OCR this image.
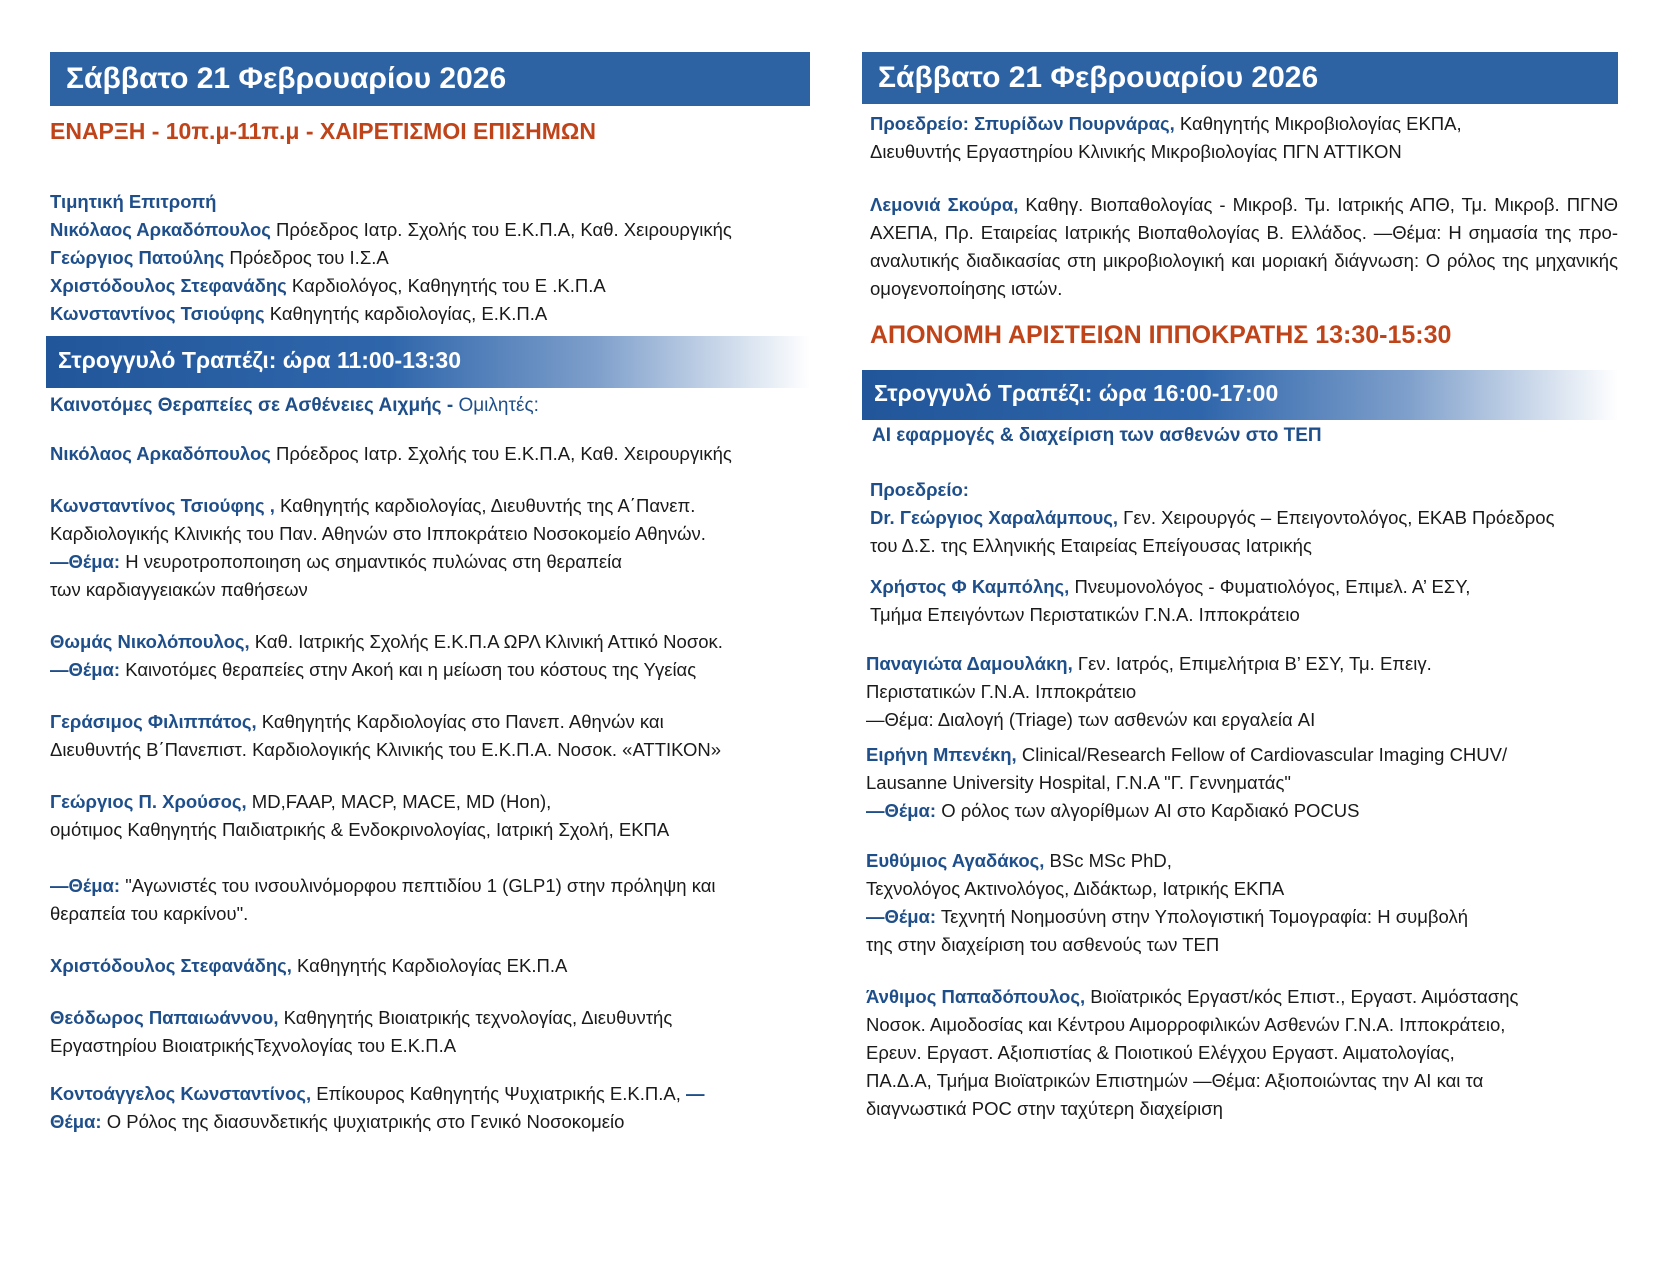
Σάββατο 21 Φεβρουαρίου 2026
ΕΝΑΡΞΗ - 10π.μ-11π.μ - ΧΑΙΡΕΤΙΣΜΟΙ ΕΠΙΣΗΜΩΝ
Τιμητική Επιτροπή
Νικόλαος Αρκαδόπουλος Πρόεδρος Ιατρ. Σχολής του Ε.Κ.Π.Α, Καθ. Χειρουργικής
Γεώργιος Πατούλης Πρόεδρος του Ι.Σ.Α
Χριστόδουλος Στεφανάδης Καρδιολόγος, Καθηγητής του Ε .Κ.Π.Α
Κωνσταντίνος Τσιούφης Καθηγητής καρδιολογίας, Ε.Κ.Π.Α
Στρογγυλό Τραπέζι: ώρα 11:00-13:30
Καινοτόμες Θεραπείες σε Ασθένειες Αιχμής - Ομιλητές:
Νικόλαος Αρκαδόπουλος Πρόεδρος Ιατρ. Σχολής του Ε.Κ.Π.Α, Καθ. Χειρουργικής
Κωνσταντίνος Τσιούφης , Καθηγητής καρδιολογίας, Διευθυντής της Α΄Πανεπ.
Καρδιολογικής Κλινικής του Παν. Αθηνών στο Ιπποκράτειο Νοσοκομείο Αθηνών.
—Θέμα: Η νευροτροποποιηση ως σημαντικός πυλώνας στη θεραπεία
των καρδιαγγειακών παθήσεων
Θωμάς Νικολόπουλος, Καθ. Ιατρικής Σχολής Ε.Κ.Π.Α ΩΡΛ Κλινική Αττικό Νοσοκ.
—Θέμα: Καινοτόμες θεραπείες στην Ακοή και η μείωση του κόστους της Υγείας
Γεράσιμος Φιλιππάτος, Καθηγητής Καρδιολογίας στο Πανεπ. Αθηνών και
Διευθυντής Β΄Πανεπιστ. Καρδιολογικής Κλινικής του Ε.Κ.Π.Α. Νοσοκ. «ΑΤΤΙΚΟΝ»
Γεώργιος Π. Χρούσος, MD,FAAP, MACP, MACE, MD (Hon),
ομότιμος Καθηγητής Παιδιατρικής & Ενδοκρινολογίας, Ιατρική Σχολή, ΕΚΠΑ
—Θέμα: "Αγωνιστές του ινσουλινόμορφου πεπτιδίου 1 (GLP1) στην πρόληψη και
θεραπεία του καρκίνου".
Χριστόδουλος Στεφανάδης, Καθηγητής Καρδιολογίας ΕΚ.Π.Α
Θεόδωρος Παπαιωάννου, Καθηγητής Βιοιατρικής τεχνολογίας, Διευθυντής
Εργαστηρίου ΒιοιατρικήςΤεχνολογίας του Ε.Κ.Π.Α
Κοντοάγγελος Κωνσταντίνος, Επίκουρος Καθηγητής Ψυχιατρικής Ε.Κ.Π.Α, —
Θέμα: Ο Ρόλος της διασυνδετικής ψυχιατρικής στο Γενικό Νοσοκομείο
Σάββατο 21 Φεβρουαρίου 2026
Προεδρείο: Σπυρίδων Πουρνάρας, Καθηγητής Μικροβιολογίας ΕΚΠΑ,
Διευθυντής Εργαστηρίου Κλινικής Μικροβιολογίας ΠΓΝ ΑΤΤΙΚΟΝ
Λεμονιά Σκούρα, Καθηγ. Βιοπαθολογίας - Μικροβ. Τμ. Ιατρικής ΑΠΘ, Τμ. Μικροβ. ΠΓΝΘ ΑΧΕΠΑ, Πρ. Εταιρείας Ιατρικής Βιοπαθολογίας Β. Ελλάδος. —Θέμα: Η σημασία της προ-αναλυτικής διαδικασίας στη μικροβιολογική και μοριακή διάγνωση: Ο ρόλος της μηχανικής ομογενοποίησης ιστών.
ΑΠΟΝΟΜΗ ΑΡΙΣΤΕΙΩΝ ΙΠΠΟΚΡΑΤΗΣ 13:30-15:30
Στρογγυλό Τραπέζι: ώρα 16:00-17:00
AI εφαρμογές & διαχείριση των ασθενών στο ΤΕΠ
Προεδρείο:
Dr. Γεώργιος Χαραλάμπους, Γεν. Χειρουργός – Επειγοντολόγος, ΕΚΑΒ Πρόεδρος
του Δ.Σ. της Ελληνικής Εταιρείας Επείγουσας Ιατρικής
Χρήστος Φ Καμπόλης, Πνευμονολόγος - Φυματιολόγος, Επιμελ. Α’ ΕΣΥ,
Τμήμα Επειγόντων Περιστατικών Γ.Ν.Α. Ιπποκράτειο
Παναγιώτα Δαμουλάκη, Γεν. Ιατρός, Επιμελήτρια Β’ ΕΣΥ, Τμ. Επειγ.
Περιστατικών Γ.Ν.Α. Ιπποκράτειο
—Θέμα: Διαλογή (Triage) των ασθενών και εργαλεία AI
Ειρήνη Μπενέκη, Clinical/Research Fellow of Cardiovascular Imaging CHUV/
Lausanne University Hospital, Γ.Ν.Α "Γ. Γεννηματάς"
—Θέμα: Ο ρόλος των αλγορίθμων AI στο Καρδιακό POCUS
Ευθύμιος Αγαδάκος, BSc MSc PhD,
Τεχνολόγος Ακτινολόγος, Διδάκτωρ, Ιατρικής ΕΚΠΑ
—Θέμα: Τεχνητή Νοημοσύνη στην Υπολογιστική Τομογραφία: Η συμβολή
της στην διαχείριση του ασθενούς των ΤΕΠ
Άνθιμος Παπαδόπουλος, Βιοϊατρικός Εργαστ/κός Επιστ., Εργαστ. Αιμόστασης
Νοσοκ. Αιμοδοσίας και Κέντρου Αιμορροφιλικών Ασθενών Γ.Ν.Α. Ιπποκράτειο,
Ερευν. Εργαστ. Αξιοπιστίας & Ποιοτικού Ελέγχου Εργαστ. Αιματολογίας,
ΠΑ.Δ.Α, Τμήμα Βιοϊατρικών Επιστημών —Θέμα: Αξιοποιώντας την AI και τα
διαγνωστικά POC στην ταχύτερη διαχείριση
